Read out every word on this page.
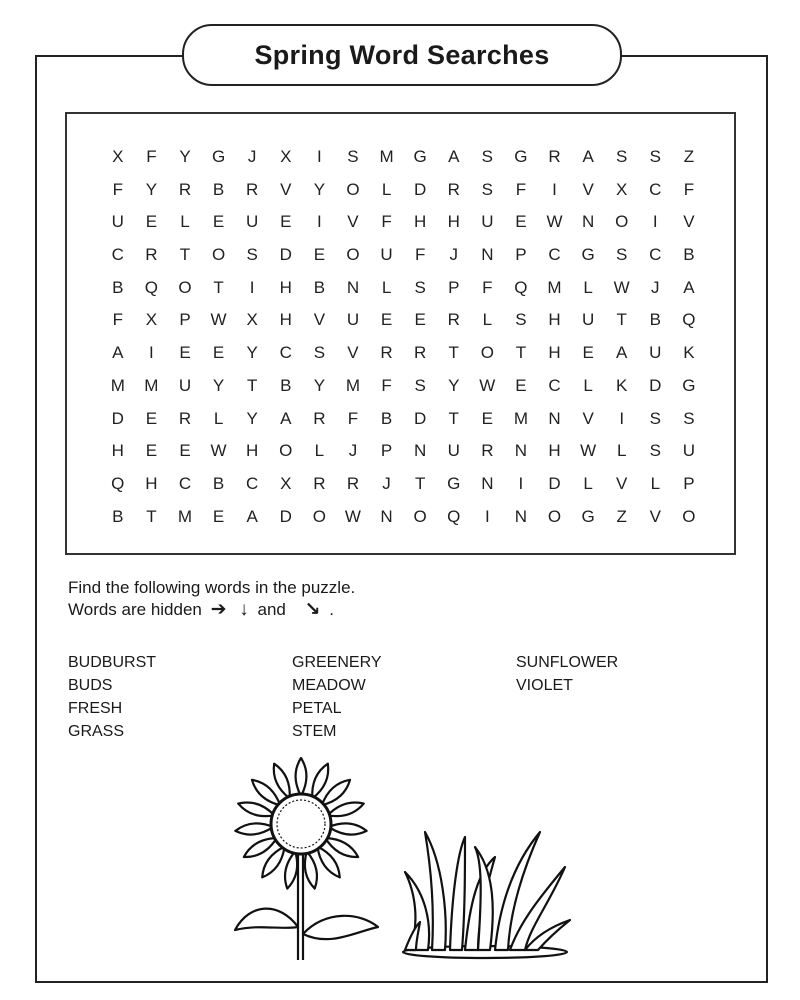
Spring Word Searches
X	F	Y	G	J	X	I	S	M	G	A	S	G	R	A	S	S	Z
F	Y	R	B	R	V	Y	O	L	D	R	S	F	I	V	X	C	F
U	E	L	E	U	E	I	V	F	H	H	U	E	W	N	O	I	V
C	R	T	O	S	D	E	O	U	F	J	N	P	C	G	S	C	B
B	Q	O	T	I	H	B	N	L	S	P	F	Q	M	L	W	J	A
F	X	P	W	X	H	V	U	E	E	R	L	S	H	U	T	B	Q
A	I	E	E	Y	C	S	V	R	R	T	O	T	H	E	A	U	K
M	M	U	Y	T	B	Y	M	F	S	Y	W	E	C	L	K	D	G
D	E	R	L	Y	A	R	F	B	D	T	E	M	N	V	I	S	S
H	E	E	W	H	O	L	J	P	N	U	R	N	H	W	L	S	U
Q	H	C	B	C	X	R	R	J	T	G	N	I	D	L	V	L	P
B	T	M	E	A	D	O	W	N	O	Q	I	N	O	G	Z	V	O
Find the following words in the puzzle.
Words are hidden ➔ ↓ and ↘ .
BUDBURST
BUDS
FRESH
GRASS
GREENERY
MEADOW
PETAL
STEM
SUNFLOWER
VIOLET
